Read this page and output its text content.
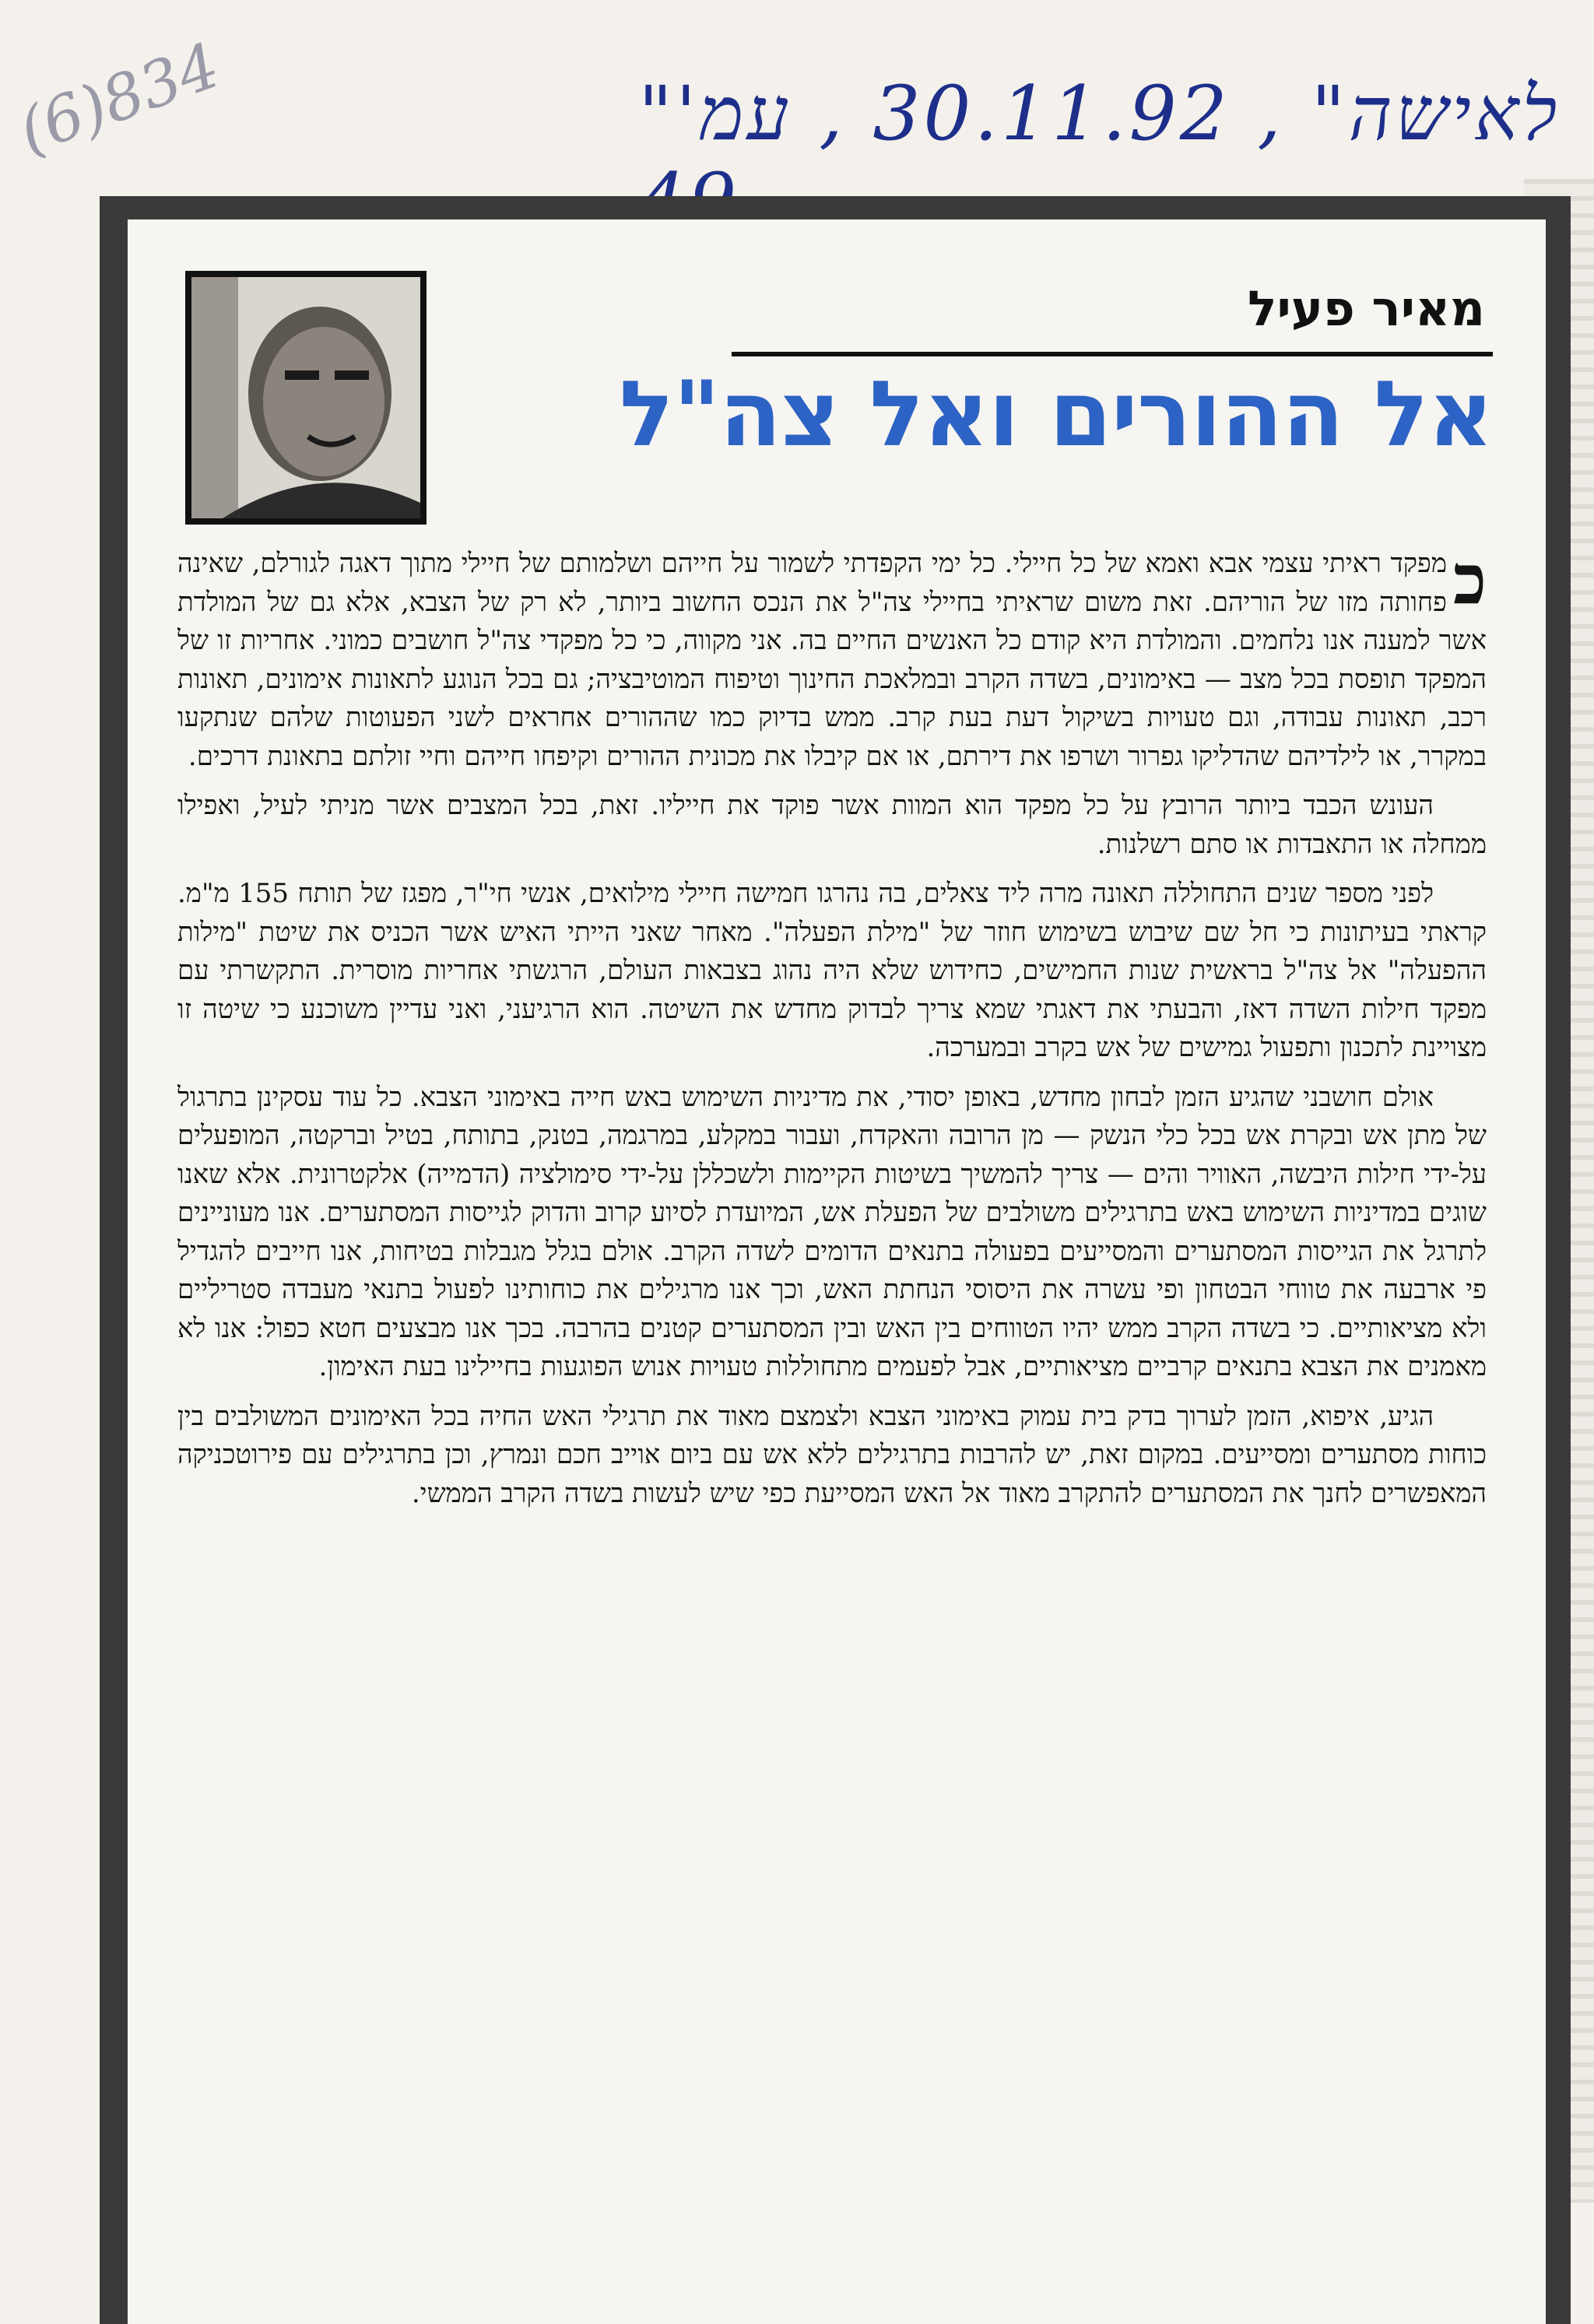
(6)834	"לאישה" , 30.11.92 , עמ'
מאיר פעיל
אל ההורים ואל צה"ל

כ
מפקד ראיתי עצמי אבא ואמא של כל חיילי. כל ימי הקפדתי לשמור על חייהם ושלמותם של חיילי מתוך דאגה לגורלם, שאינה פחותה מזו של הוריהם. זאת משום שראיתי בחיילי צה"ל את הנכס החשוב ביותר, לא רק של הצבא, אלא גם של המולדת אשר למענה אנו נלחמים. והמולדת היא קודם כל האנשים החיים בה. אני מקווה, כי כל מפקדי צה"ל חושבים כמוני. אחריות זו של המפקד תופסת בכל מצב — באימונים, בשדה הקרב ובמלאכת החינוך וטיפוח המוטיבציה; גם בכל הנוגע לתאונות אימונים, תאונות רכב, תאונות עבודה, וגם טעויות בשיקול דעת בעת קרב. ממש בדיוק כמו שההורים אחראים לשני הפעוטות שלהם שנתקעו במקרר, או לילדיהם שהדליקו גפרור ושרפו את דירתם, או אם קיבלו את מכונית ההורים וקיפחו חייהם וחיי זולתם בתאונת דרכים.

העונש הכבד ביותר הרובץ על כל מפקד הוא המוות אשר פוקד את חייליו. זאת, בכל המצבים אשר מניתי לעיל, ואפילו ממחלה או התאבדות או סתם רשלנות.

לפני מספר שנים התחוללה תאונה מרה ליד צאלים, בה נהרגו חמישה חיילי מילואים, אנשי חי"ר, מפגז של תותח 155 מ"מ. קראתי בעיתונות כי חל שם שיבוש בשימוש חוזר של "מילת הפעלה". מאחר שאני הייתי האיש אשר הכניס את שיטת "מילות ההפעלה" אל צה"ל בראשית שנות החמישים, כחידוש שלא היה נהוג בצבאות העולם, הרגשתי אחריות מוסרית. התקשרתי עם מפקד חילות השדה דאז, והבעתי את דאגתי שמא צריך לבדוק מחדש את השיטה. הוא הרגיעני, ואני עדיין משוכנע כי שיטה זו מצויינת לתכנון ותפעול גמישים של אש בקרב ובמערכה.

אולם חושבני שהגיע הזמן לבחון מחדש, באופן יסודי, את מדיניות השימוש באש חייה באימוני הצבא. כל עוד עסקינן בתרגול של מתן אש ובקרת אש בכל כלי הנשק — מן הרובה והאקדח, ועבור במקלע, במרגמה, בטנק, בתותח, בטיל וברקטה, המופעלים על-ידי חילות היבשה, האוויר והים — צריך להמשיך בשיטות הקיימות ולשכללן על-ידי סימולציה (הדמייה) אלקטרונית. אלא שאנו שוגים במדיניות השימוש באש בתרגילים משולבים של הפעלת אש, המיועדת לסיוע קרוב והדוק לגייסות המסתערים. אנו מעוניינים לתרגל את הגייסות המסתערים והמסייעים בפעולה בתנאים הדומים לשדה הקרב. אולם בגלל מגבלות בטיחות, אנו חייבים להגדיל פי ארבעה את טווחי הבטחון ופי עשרה את היסוסי הנחתת האש, וכך אנו מרגילים את כוחותינו לפעול בתנאי מעבדה סטריליים ולא מציאותיים. כי בשדה הקרב ממש יהיו הטווחים בין האש ובין המסתערים קטנים בהרבה. בכך אנו מבצעים חטא כפול: אנו לא מאמנים את הצבא בתנאים קרביים מציאותיים, אבל לפעמים מתחוללות טעויות אנוש הפוגעות בחיילינו בעת האימון.

הגיע, איפוא, הזמן לערוך בדק בית עמוק באימוני הצבא ולצמצם מאוד את תרגילי האש החיה בכל האימונים המשולבים בין כוחות מסתערים ומסייעים. במקום זאת, יש להרבות בתרגילים ללא אש עם ביום אוייב חכם ונמרץ, וכן בתרגילים עם פירוטכניקה המאפשרים לחנך את המסתערים להתקרב מאוד אל האש המסייעת כפי שיש לעשות בשדה הקרב הממשי.
